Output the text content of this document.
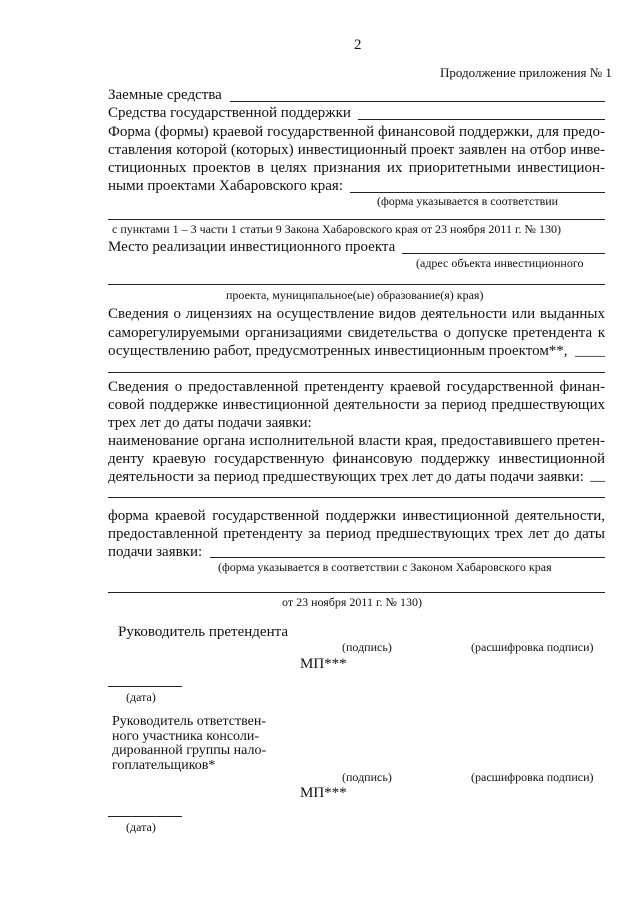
2
Продолжение приложения № 1
Заемные средства
Средства государственной поддержки
Форма (формы) краевой государственной финансовой поддержки, для предо-
ставления которой (которых) инвестиционный проект заявлен на отбор инве-
стиционных проектов в целях признания их приоритетными инвестицион-
ными проектами Хабаровского края:
(форма указывается в соответствии
с пунктами 1 – 3 части 1 статьи 9 Закона Хабаровского края от 23 ноября 2011 г. № 130)
Место реализации инвестиционного проекта
(адрес объекта инвестиционного
проекта, муниципальное(ые) образование(я) края)
Сведения о лицензиях на осуществление видов деятельности или выданных
саморегулируемыми организациями свидетельства о допуске претендента к
осуществлению работ, предусмотренных инвестиционным проектом**, ____
Сведения о предоставленной претенденту краевой государственной финан-
совой поддержке инвестиционной деятельности за период предшествующих
трех лет до даты подачи заявки:
наименование органа исполнительной власти края, предоставившего претен-
денту краевую государственную финансовую поддержку инвестиционной
деятельности за период предшествующих трех лет до даты подачи заявки: __
форма краевой государственной поддержки инвестиционной деятельности,
предоставленной претенденту за период предшествующих трех лет до даты
подачи заявки:
(форма указывается в соответствии с Законом Хабаровского края
от 23 ноября 2011 г. № 130)
Руководитель претендента
(подпись)	(расшифровка подписи)
МП***
(дата)
Руководитель ответствен-
ного участника консоли-
дированной группы нало-
гоплательщиков*
(подпись)	(расшифровка подписи)
МП***
(дата)
